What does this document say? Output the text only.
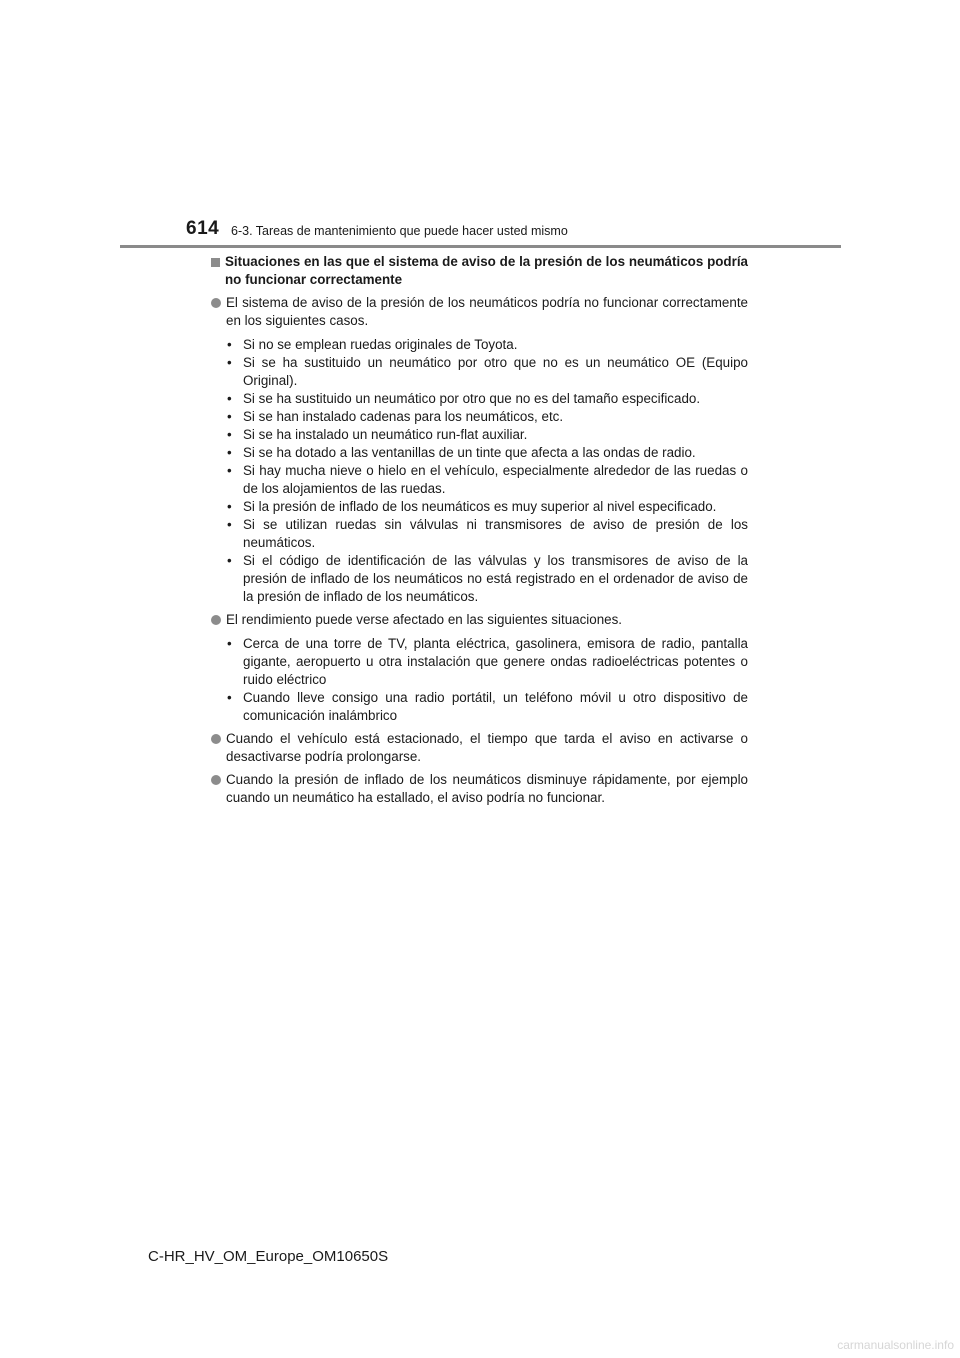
614 6-3. Tareas de mantenimiento que puede hacer usted mismo
Situaciones en las que el sistema de aviso de la presión de los neumáticos podría no funcionar correctamente
El sistema de aviso de la presión de los neumáticos podría no funcionar correctamente en los siguientes casos.
• Si no se emplean ruedas originales de Toyota.
• Si se ha sustituido un neumático por otro que no es un neumático OE (Equipo Original).
• Si se ha sustituido un neumático por otro que no es del tamaño especificado.
• Si se han instalado cadenas para los neumáticos, etc.
• Si se ha instalado un neumático run-flat auxiliar.
• Si se ha dotado a las ventanillas de un tinte que afecta a las ondas de radio.
• Si hay mucha nieve o hielo en el vehículo, especialmente alrededor de las ruedas o de los alojamientos de las ruedas.
• Si la presión de inflado de los neumáticos es muy superior al nivel especificado.
• Si se utilizan ruedas sin válvulas ni transmisores de aviso de presión de los neumáticos.
• Si el código de identificación de las válvulas y los transmisores de aviso de la presión de inflado de los neumáticos no está registrado en el ordenador de aviso de la presión de inflado de los neumáticos.
El rendimiento puede verse afectado en las siguientes situaciones.
• Cerca de una torre de TV, planta eléctrica, gasolinera, emisora de radio, pantalla gigante, aeropuerto u otra instalación que genere ondas radioeléctricas potentes o ruido eléctrico
• Cuando lleve consigo una radio portátil, un teléfono móvil u otro dispositivo de comunicación inalámbrico
Cuando el vehículo está estacionado, el tiempo que tarda el aviso en activarse o desactivarse podría prolongarse.
Cuando la presión de inflado de los neumáticos disminuye rápidamente, por ejemplo cuando un neumático ha estallado, el aviso podría no funcionar.
C-HR_HV_OM_Europe_OM10650S
carmanualsonline.info
